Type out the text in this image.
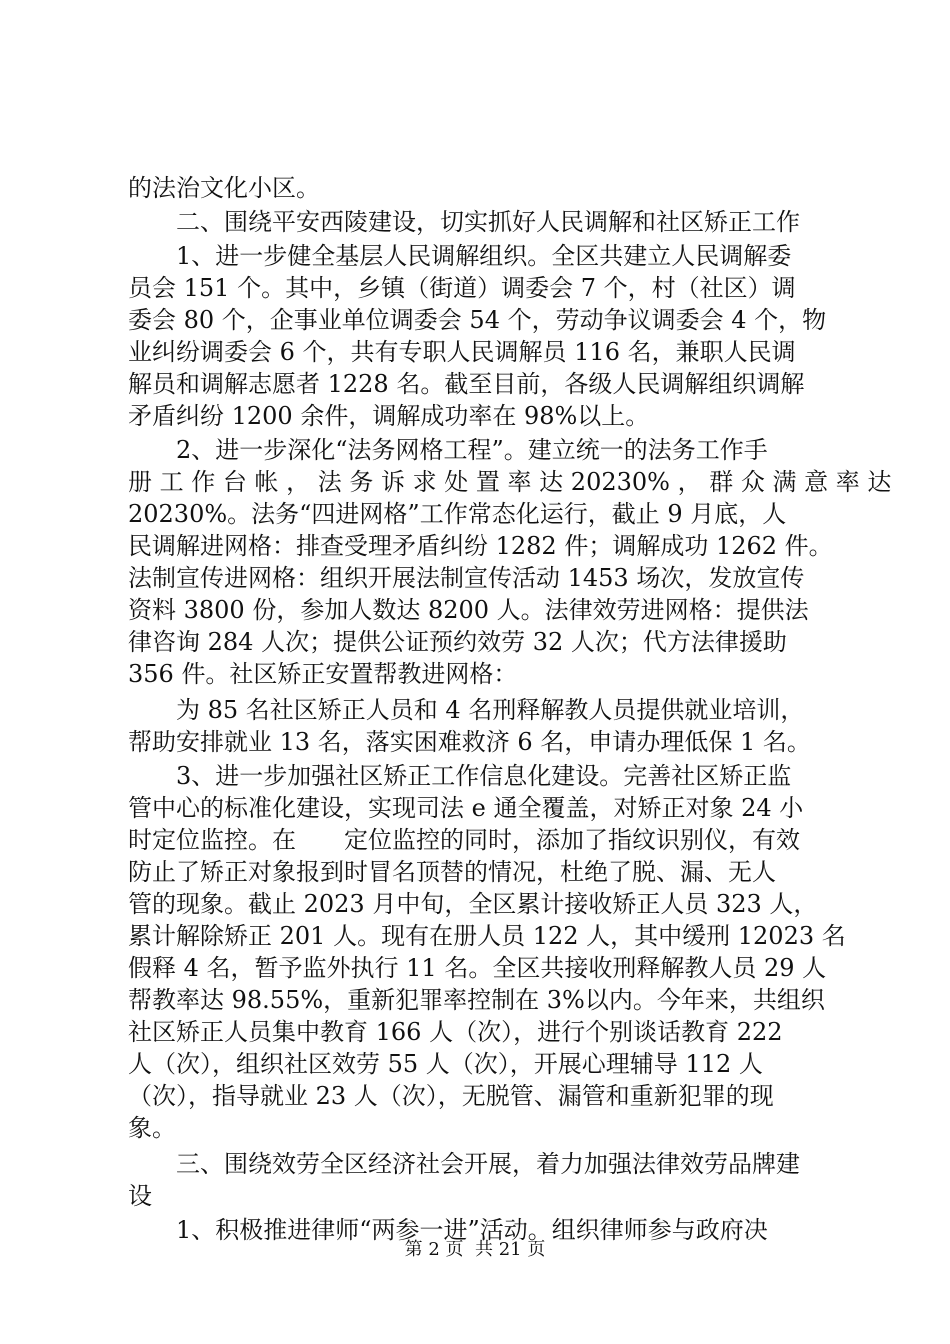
的法治文化小区。
　　二、围绕平安西陵建设，切实抓好人民调解和社区矫正工作
　　1、进一步健全基层人民调解组织。全区共建立人民调解委
员会 151 个。其中，乡镇（街道）调委会 7 个，村（社区）调
委会 80 个，企事业单位调委会 54 个，劳动争议调委会 4 个，物
业纠纷调委会 6 个，共有专职人民调解员 116 名，兼职人民调
解员和调解志愿者 1228 名。截至目前，各级人民调解组织调解
矛盾纠纷 1200 余件，调解成功率在 98%以上。
　　2、进一步深化“法务网格工程”。建立统一的法务工作手
册 工 作 台 帐 ， 法 务 诉 求 处 置 率 达 20230% ， 群 众 满 意 率 达
20230%。法务“四进网格”工作常态化运行，截止 9 月底，人
民调解进网格：排查受理矛盾纠纷 1282 件；调解成功 1262 件。
法制宣传进网格：组织开展法制宣传活动 1453 场次，发放宣传
资料 3800 份，参加人数达 8200 人。法律效劳进网格：提供法
律咨询 284 人次；提供公证预约效劳 32 人次；代方法律援助
356 件。社区矫正安置帮教进网格：
　　为 85 名社区矫正人员和 4 名刑释解教人员提供就业培训，
帮助安排就业 13 名，落实困难救济 6 名，申请办理低保 1 名。
　　3、进一步加强社区矫正工作信息化建设。完善社区矫正监
管中心的标准化建设，实现司法 e 通全覆盖，对矫正对象 24 小
时定位监控。在　　定位监控的同时，添加了指纹识别仪，有效
防止了矫正对象报到时冒名顶替的情况，杜绝了脱、漏、无人
管的现象。截止 2023 月中旬，全区累计接收矫正人员 323 人，
累计解除矫正 201 人。现有在册人员 122 人，其中缓刑 12023 名
假释 4 名，暂予监外执行 11 名。全区共接收刑释解教人员 29 人
帮教率达 98.55%，重新犯罪率控制在 3%以内。今年来，共组织
社区矫正人员集中教育 166 人（次），进行个别谈话教育 222
人（次），组织社区效劳 55 人（次），开展心理辅导 112 人
（次），指导就业 23 人（次），无脱管、漏管和重新犯罪的现
象。
　　三、围绕效劳全区经济社会开展，着力加强法律效劳品牌建
设
　　1、积极推进律师“两参一进”活动。组织律师参与政府决
第 2 页  共 21 页
